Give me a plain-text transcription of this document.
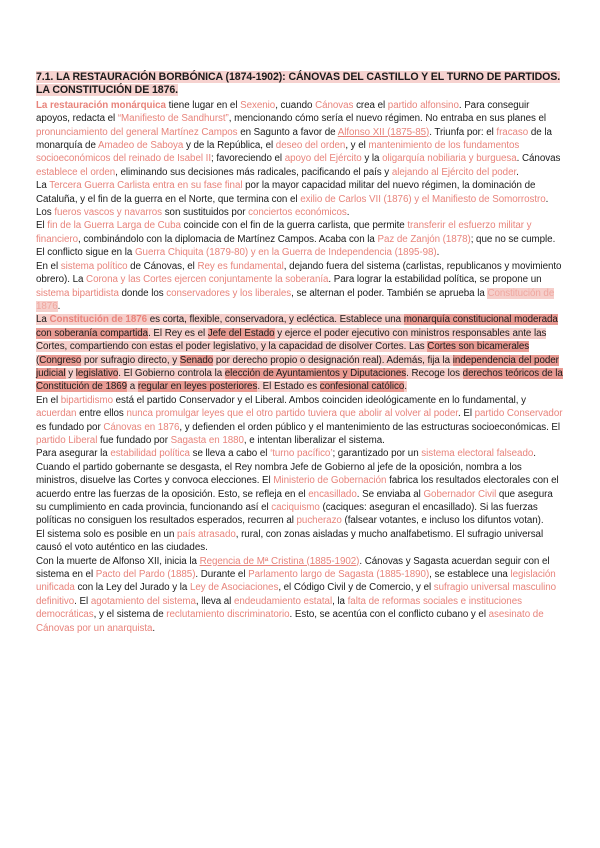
7.1. LA RESTAURACIÓN BORBÓNICA (1874-1902): CÁNOVAS DEL CASTILLO Y EL TURNO DE PARTIDOS. LA CONSTITUCIÓN DE 1876.

La restauración monárquica tiene lugar en el Sexenio, cuando Cánovas crea el partido alfonsino. Para conseguir apoyos, redacta el “Manifiesto de Sandhurst”, mencionando cómo sería el nuevo régimen. No entraba en sus planes el pronunciamiento del general Martínez Campos en Sagunto a favor de Alfonso XII (1875-85). Triunfa por: el fracaso de la monarquía de Amadeo de Saboya y de la República, el deseo del orden, y el mantenimiento de los fundamentos socioeconómicos del reinado de Isabel II; favoreciendo el apoyo del Ejército y la oligarquía nobiliaria y burguesa. Cánovas establece el orden, eliminando sus decisiones más radicales, pacificando el país y alejando al Ejército del poder.

La Tercera Guerra Carlista entra en su fase final por la mayor capacidad militar del nuevo régimen, la dominación de Cataluña, y el fin de la guerra en el Norte, que termina con el exilio de Carlos VII (1876) y el Manifiesto de Somorrostro. Los fueros vascos y navarros son sustituidos por conciertos económicos.

El fin de la Guerra Larga de Cuba coincide con el fin de la guerra carlista, que permite transferir el esfuerzo militar y financiero, combinándolo con la diplomacia de Martínez Campos. Acaba con la Paz de Zanjón (1878); que no se cumple. El conflicto sigue en la Guerra Chiquita (1879-80) y en la Guerra de Independencia (1895-98).

En el sistema político de Cánovas, el Rey es fundamental, dejando fuera del sistema (carlistas, republicanos y movimiento obrero). La Corona y las Cortes ejercen conjuntamente la soberanía. Para lograr la estabilidad política, se propone un sistema bipartidista donde los conservadores y los liberales, se alternan el poder. También se aprueba la Constitución de 1876.

La Constitución de 1876 es corta, flexible, conservadora, y ecléctica. Establece una monarquía constitucional moderada con soberanía compartida. El Rey es el Jefe del Estado y ejerce el poder ejecutivo con ministros responsables ante las Cortes, compartiendo con estas el poder legislativo, y la capacidad de disolver Cortes. Las Cortes son bicamerales (Congreso por sufragio directo, y Senado por derecho propio o designación real). Además, fija la independencia del poder judicial y legislativo. El Gobierno controla la elección de Ayuntamientos y Diputaciones. Recoge los derechos teóricos de la Constitución de 1869 a regular en leyes posteriores. El Estado es confesional católico.

En el bipartidismo está el partido Conservador y el Liberal. Ambos coinciden ideológicamente en lo fundamental, y acuerdan entre ellos nunca promulgar leyes que el otro partido tuviera que abolir al volver al poder. El partido Conservador es fundado por Cánovas en 1876, y defienden el orden público y el mantenimiento de las estructuras socioeconómicas. El partido Liberal fue fundado por Sagasta en 1880, e intentan liberalizar el sistema.

Para asegurar la estabilidad política se lleva a cabo el ‘turno pacífico’; garantizado por un sistema electoral falseado. Cuando el partido gobernante se desgasta, el Rey nombra Jefe de Gobierno al jefe de la oposición, nombra a los ministros, disuelve las Cortes y convoca elecciones. El Ministerio de Gobernación fabrica los resultados electorales con el acuerdo entre las fuerzas de la oposición. Esto, se refleja en el encasillado. Se enviaba al Gobernador Civil que asegura su cumplimiento en cada provincia, funcionando así el caciquismo (caciques: aseguran el encasillado). Si las fuerzas políticas no consiguen los resultados esperados, recurren al pucherazo (falsear votantes, e incluso los difuntos votan).

El sistema solo es posible en un país atrasado, rural, con zonas aisladas y mucho analfabetismo. El sufragio universal causó el voto auténtico en las ciudades.

Con la muerte de Alfonso XII, inicia la Regencia de Mª Cristina (1885-1902). Cánovas y Sagasta acuerdan seguir con el sistema en el Pacto del Pardo (1885). Durante el Parlamento largo de Sagasta (1885-1890), se establece una legislación unificada con la Ley del Jurado y la Ley de Asociaciones, el Código Civil y de Comercio, y el sufragio universal masculino definitivo. El agotamiento del sistema, lleva al endeudamiento estatal, la falta de reformas sociales e instituciones democráticas, y el sistema de reclutamiento discriminatorio. Esto, se acentúa con el conflicto cubano y el asesinato de Cánovas por un anarquista.
